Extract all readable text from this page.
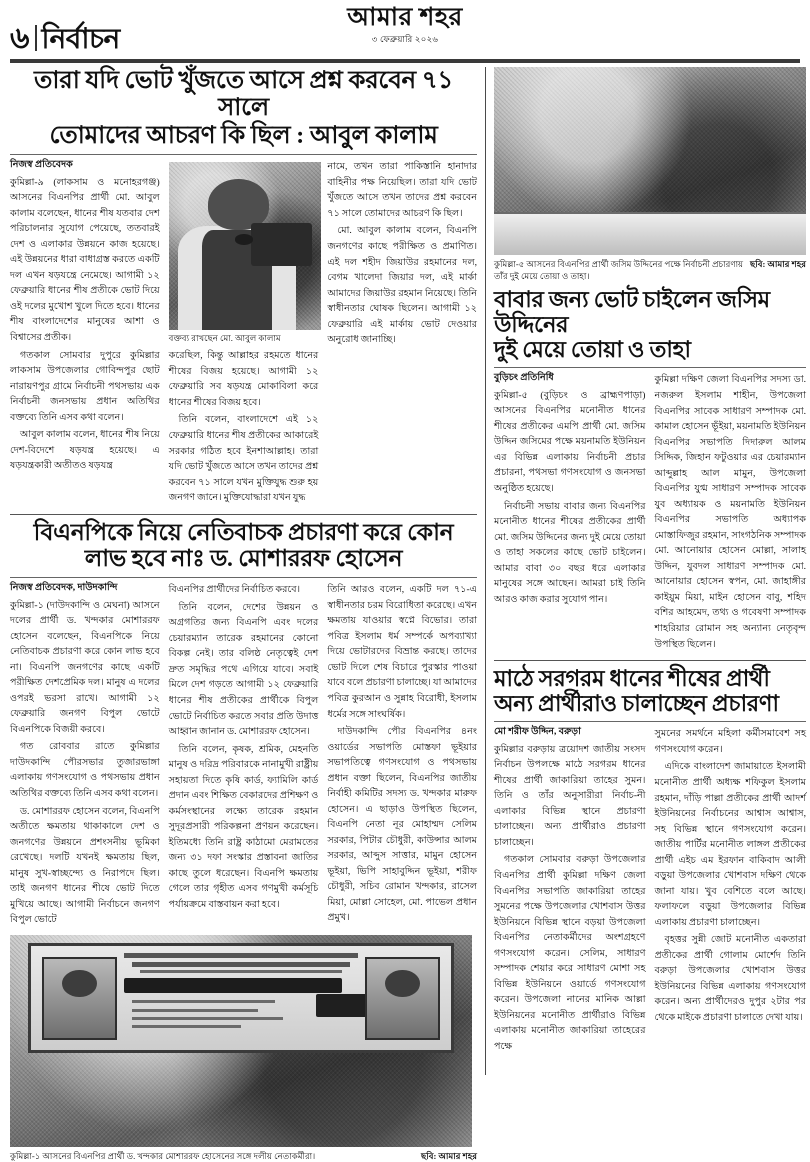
৬ নির্বাচন
আমার শহর
৩ ফেব্রুয়ারি ২০২৬
তারা যদি ভোট খুঁজতে আসে প্রশ্ন করবেন ৭১ সালে
তোমাদের আচরণ কি ছিল : আবুল কালাম
নিজস্ব প্রতিবেদক

কুমিল্লা-৯ (লাকসাম ও মনোহরগঞ্জ) আসনের বিএনপির প্রার্থী মো. আবুল কালাম বলেছেন, ধানের শীষ যতবার দেশ পরিচালনার সুযোগ পেয়েছে, ততবারই দেশ ও এলাকার উন্নয়নে কাজ হয়েছে। এই উন্নয়নের ধারা বাধাগ্রস্ত করতে একটি দল এখন ষড়যন্ত্রে নেমেছে। আগামী ১২ ফেব্রুয়ারি ধানের শীষ প্রতীকে ভোট দিয়ে ওই দলের মুখোশ খুলে দিতে হবে। ধানের শীষ বাংলাদেশের মানুষের আশা ও বিশ্বাসের প্রতীক।

গতকাল সোমবার দুপুরে কুমিল্লার লাকসাম উপজেলার গোবিন্দপুর ছোট নারায়ণপুর গ্রামে নির্বাচনী পথসভায় এক নির্বাচনী জনসভায় প্রধান অতিথির বক্তব্যে তিনি এসব কথা বলেন।

আবুল কালাম বলেন, ধানের শীষ নিয়ে দেশ-বিদেশে ষড়যন্ত্র হয়েছে। এ ষড়যন্ত্রকারী অতীতও ষড়যন্ত্র

বক্তব্য রাখছেন মো. আবুল কালাম

করেছিল, কিন্তু আল্লাহর রহমতে ধানের শীষের বিজয় হয়েছে। আগামী ১২ ফেব্রুয়ারি সব ষড়যন্ত্র মোকাবিলা করে ধানের শীষের বিজয় হবে।

তিনি বলেন, বাংলাদেশে এই ১২ ফেব্রুয়ারি ধানের শীষ প্রতীকের আকারেই সরকার গঠিত হবে ইনশাআল্লাহ। তারা যদি ভোট খুঁজতে আসে তখন তাদের প্রশ্ন করবেন ৭১ সালে যখন মুক্তিযুদ্ধ শুরু হয় জনগণ জানে। মুক্তিযোদ্ধারা যখন যুদ্ধ

নামে, তখন তারা পাকিস্তানি হানাদার বাহিনীর পক্ষ নিয়েছিল। তারা যদি ভোট খুঁজতে আসে তখন তাদের প্রশ্ন করবেন ৭১ সালে তোমাদের আচরণ কি ছিল।

মো. আবুল কালাম বলেন, বিএনপি জনগণের কাছে পরীক্ষিত ও প্রমাণিত। এই দল শহীদ জিয়াউর রহমানের দল, বেগম খালেদা জিয়ার দল, এই মার্কা আমাদের জিয়াউর রহমান নিয়েছে। তিনি স্বাধীনতার ঘোষক ছিলেন। আগামী ১২ ফেব্রুয়ারি এই মার্কায় ভোট দেওয়ার অনুরোধ জানাচ্ছি।

বিএনপিকে নিয়ে নেতিবাচক প্রচারণা করে কোন
লাভ হবে নাঃ ড. মোশাররফ হোসেন
নিজস্ব প্রতিবেদক, দাউদকান্দি

কুমিল্লা-১ (দাউদকান্দি ও মেঘনা) আসনে দলের প্রার্থী ড. খন্দকার মোশাররফ হোসেন বলেছেন, বিএনপিকে নিয়ে নেতিবাচক প্রচারণা করে কোন লাভ হবে না। বিএনপি জনগণের কাছে একটি পরীক্ষিত দেশপ্রেমিক দল। মানুষ এ দলের ওপরই ভরসা রাখে। আগামী ১২ ফেব্রুয়ারি জনগণ বিপুল ভোটে বিএনপিকে বিজয়ী করবে।

গত রোববার রাতে কুমিল্লার দাউদকান্দি পৌরসভার তুজারভাঙ্গা এলাকায় গণসংযোগ ও পথসভায় প্রধান অতিথির বক্তব্যে তিনি এসব কথা বলেন।

ড. মোশাররফ হোসেন বলেন, বিএনপি অতীতে ক্ষমতায় থাকাকালে দেশ ও জনগণের উন্নয়নে প্রশংসনীয় ভূমিকা রেখেছে। দলটি যখনই ক্ষমতায় ছিল, মানুষ সুখ-স্বাচ্ছন্দ্যে ও নিরাপদে ছিল। তাই জনগণ ধানের শীষে ভোট দিতে মুখিয়ে আছে। আগামী নির্বাচনে জনগণ বিপুল ভোটে

বিএনপির প্রার্থীদের নির্বাচিত করবে।

তিনি বলেন, দেশের উন্নয়ন ও অগ্রগতির জন্য বিএনপি এবং দলের চেয়ারম্যান তারেক রহমানের কোনো বিকল্প নেই। তার বলিষ্ঠ নেতৃত্বেই দেশ দ্রুত সমৃদ্ধির পথে এগিয়ে যাবে। সবাই মিলে দেশ গড়তে আগামী ১২ ফেব্রুয়ারি ধানের শীষ প্রতীকের প্রার্থীকে বিপুল ভোটে নির্বাচিত করতে সবার প্রতি উদাত্ত আহ্বান জানান ড. মোশাররফ হোসেন।

তিনি বলেন, কৃষক, শ্রমিক, মেহনতি মানুষ ও দরিদ্র পরিবারকে নানামুখী রাষ্ট্রীয় সহায়তা দিতে কৃষি কার্ড, ফ্যামিলি কার্ড প্রদান এবং শিক্ষিত বেকারদের প্রশিক্ষণ ও কর্মসংস্থানের লক্ষ্যে তারেক রহমান সুদূরপ্রসারী পরিকল্পনা প্রণয়ন করেছেন। ইতিমধ্যে তিনি রাষ্ট্র কাঠামো মেরামতের জন্য ৩১ দফা সংস্কার প্রস্তাবনা জাতির কাছে তুলে ধরেছেন। বিএনপি ক্ষমতায় গেলে তার গৃহীত এসব গণমুখী কর্মসূচি পর্যায়ক্রমে বাস্তবায়ন করা হবে।

তিনি আরও বলেন, একটি দল ৭১-এ স্বাধীনতার চরম বিরোধিতা করেছে। এখন ক্ষমতায় যাওয়ার স্বপ্নে বিভোর। তারা পবিত্র ইসলাম ধর্ম সম্পর্কে অপব্যাখ্যা দিয়ে ভোটারদের বিভ্রান্ত করছে। তাদের ভোট দিলে শেষ বিচারে পুরস্কার পাওয়া যাবে বলে প্রচারণা চালাচ্ছে। যা আমাদের পবিত্র কুরআন ও সুন্নাহ বিরোধী, ইসলাম ধর্মের সঙ্গে সাংঘর্ষিক।

দাউদকান্দি পৌর বিএনপির ৪নং ওয়ার্ডের সভাপতি মোস্তফা ভূইয়ার সভাপতিত্বে গণসংযোগ ও পথসভায় প্রধান বক্তা ছিলেন, বিএনপির জাতীয় নির্বাহী কমিটির সদস্য ড. খন্দকার মারুফ হোসেন। এ ছাড়াও উপস্থিত ছিলেন, বিএনপি নেতা নূর মোহাম্মদ সেলিম সরকার, পিটার চৌধুরী, কাউন্সার আলম সরকার, আব্দুস সাত্তার, মামুন হোসেন ভূইয়া, ভিপি সাহাবুদ্দিন ভূইয়া, শরীফ চৌধুরী, সচিব রোমান খন্দকার, রাসেল মিয়া, মোল্লা সোহেল, মো. পাভেল প্রধান প্রমুখ।

ছবি: আমার শহর
কুমিল্লা-১ আসনের বিএনপির প্রার্থী ড. খন্দকার মোশাররফ হোসেনের সঙ্গে দলীয় নেতাকর্মীরা।
ছবি: আমার শহর
কুমিল্লা-৫ আসনের বিএনপির প্রার্থী জসিম উদ্দিনের পক্ষে নির্বাচনী প্রচারণায় তাঁর দুই মেয়ে তোয়া ও তাহা।
বাবার জন্য ভোট চাইলেন জসিম উদ্দিনের
দুই মেয়ে তোয়া ও তাহা
বুড়িচং প্রতিনিধি

কুমিল্লা-৫ (বুড়িচং ও ব্রাহ্মণপাড়া) আসনের বিএনপির মনোনীত ধানের শীষের প্রতীকের এমপি প্রার্থী মো. জসিম উদ্দিন জসিমের পক্ষে ময়নামতি ইউনিয়ন এর বিভিন্ন এলাকায় নির্বাচনী প্রচার প্রচারনা, পথসভা গণসংযোগ ও জনসভা অনুষ্ঠিত হয়েছে।

নির্বাচনী সভায় বাবার জন্য বিএনপির মনোনীত ধানের শীষের প্রতীকের প্রার্থী মো. জসিম উদ্দিনের জন্য দুই মেয়ে তোয়া ও তাহা সকলের কাছে ভোট চাইলেন। আমার বাবা ৩০ বছর ধরে এলাকার মানুষের সঙ্গে আছেন। আমরা চাই তিনি আরও কাজ করার সুযোগ পান।

কুমিল্লা দক্ষিণ জেলা বিএনপির সদস্য ডা. নজরুল ইসলাম শাহীন, উপজেলা বিএনপির সাবেক সাধারণ সম্পাদক মো. কামাল হোসেন ভূঁইয়া, ময়নামতি ইউনিয়ন বিএনপির সভাপতি দিদারুল আলম সিদ্দিক, জিহান ফটুওয়ার এর চেয়ারম্যান আব্দুল্লাহ আল মামুন, উপজেলা বিএনপির যুগ্ম সাধারণ সম্পাদক সাবেক যুব অধ্যায়ক ও ময়নামতি ইউনিয়ন বিএনপির সভাপতি অধ্যাপক মোস্তাফিজুর রহমান, সাংগঠনিক সম্পাদক মো. আনোয়ার হোসেন মোল্লা, সালাহ উদ্দিন, যুবদল সাধারণ সম্পাদক মো. আনোয়ার হোসেন স্বপন, মো. জাহাঙ্গীর কাইয়ুম মিয়া, মাইন হোসেন বাবু, শহিদ বশির আহমেদ, তথ্য ও গবেষণা সম্পাদক শাহরিয়ার রোমান সহ অন্যান্য নেতৃবৃন্দ উপস্থিত ছিলেন।

মাঠে সরগরম ধানের শীষের প্রার্থী
অন্য প্রার্থীরাও চালাচ্ছেন প্রচারণা
মো শরীফ উদ্দিন, বরুড়া

কুমিল্লার বরুড়ায় ত্রয়োদশ জাতীয় সংসদ নির্বাচন উপলক্ষে মাঠে সরগরম ধানের শীষের প্রার্থী জাকারিয়া তাহের সুমন। তিনি ও তাঁর অনুসারীরা নির্বাচ-নী এলাকার বিভিন্ন স্থানে প্রচারণা চালাচ্ছেন। অন্য প্রার্থীরাও প্রচারণা চালাচ্ছেন।

গতকাল সোমবার বরুড়া উপজেলার বিএনপির প্রার্থী কুমিল্লা দক্ষিণ জেলা বিএনপির সভাপতি জাকারিয়া তাহের সুমনের পক্ষে উপজেলার খোশবাস উত্তর ইউনিয়নে বিভিন্ন স্থানে বড়য়া উপজেলা বিএনপির নেতাকর্মীদের অংশগ্রহণে গণসংযোগ করেন। সেলিম, সাধারণ সম্পাদক শেয়ার করে সাধারণ মোশা সহ বিভিন্ন ইউনিয়নে ওয়ার্ডে গণসংযোগ করেন। উপজেলা নানের মানিক আল্লা ইউনিয়নের মনোনীত প্রার্থীরাও বিভিন্ন এলাকায় মনোনীত জাকারিয়া তাহেরের পক্ষে

সুমনের সমর্থনে মহিলা কর্মীসমাবেশ সহ গণসংযোগ করেন।

এদিকে বাংলাদেশ জামায়াতে ইসলামী মনোনীত প্রার্থী অধ্যক্ষ শফিকুল ইসলাম রহমান, দাঁড়ি পাল্লা প্রতীকের প্রার্থী আদর্শ ইউনিয়নের নির্বাচনের আশ্বাস আশ্বাস, সহ বিভিন্ন স্থানে গণসংযোগ করেন। জাতীয় পার্টির মনোনীত লাঙ্গল প্রতীকের প্রার্থী এইচ এম ইরফান বাকিবাদ আলী বড়ুয়া উপজেলার খোশবাস দক্ষিণ থেকে জানা যায়। খুব বেশিতে বলে আছে। ফলাফলে বড়ুয়া উপজেলার বিভিন্ন এলাকায় প্রচারণা চালাচ্ছেন।

বৃহত্তর সুন্নী জোট মনোনীত একতারা প্রতীকের প্রার্থী গোলাম মোর্শেদ তিনি বরুড়া উপজেলার খোশবাস উত্তর ইউনিয়নের বিভিন্ন এলাকায় গণসংযোগ করেন। অন্য প্রার্থীদেরও দুপুর ২টার পর থেকে মাইকে প্রচারণা চালাতে দেখা যায়।
